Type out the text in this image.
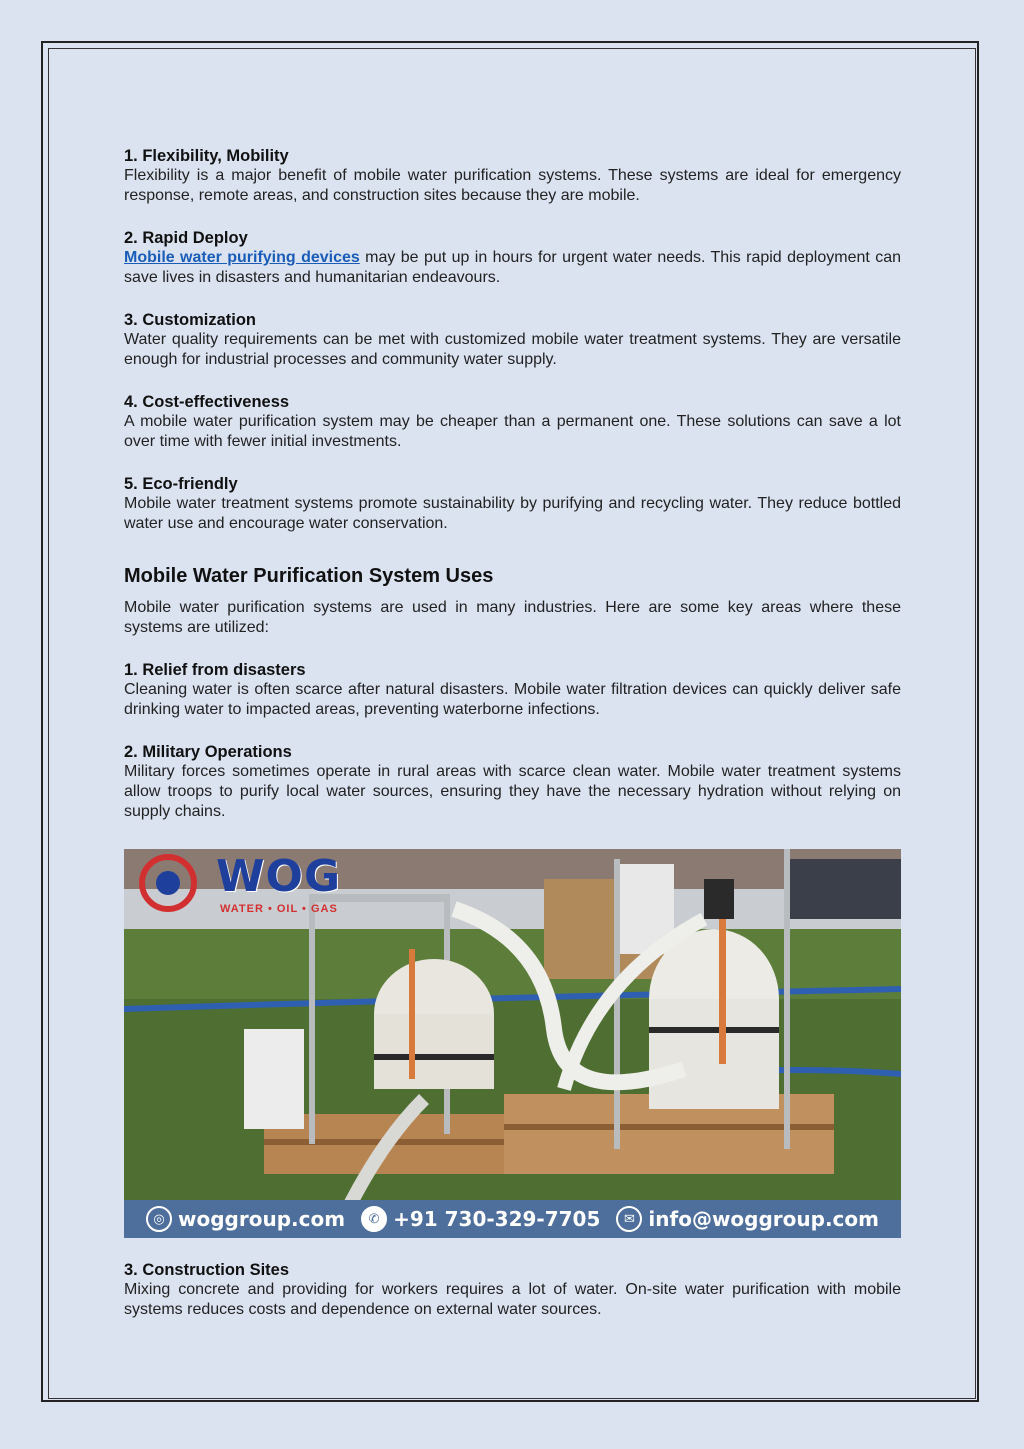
1. Flexibility, Mobility

Flexibility is a major benefit of mobile water purification systems. These systems are ideal for emergency response, remote areas, and construction sites because they are mobile.

2. Rapid Deploy

Mobile water purifying devices may be put up in hours for urgent water needs. This rapid deployment can save lives in disasters and humanitarian endeavours.

3. Customization

Water quality requirements can be met with customized mobile water treatment systems. They are versatile enough for industrial processes and community water supply.

4. Cost-effectiveness

A mobile water purification system may be cheaper than a permanent one. These solutions can save a lot over time with fewer initial investments.

5. Eco-friendly

Mobile water treatment systems promote sustainability by purifying and recycling water. They reduce bottled water use and encourage water conservation.

Mobile Water Purification System Uses

Mobile water purification systems are used in many industries. Here are some key areas where these systems are utilized:

1. Relief from disasters

Cleaning water is often scarce after natural disasters. Mobile water filtration devices can quickly deliver safe drinking water to impacted areas, preventing waterborne infections.

2. Military Operations

Military forces sometimes operate in rural areas with scarce clean water. Mobile water treatment systems allow troops to purify local water sources, ensuring they have the necessary hydration without relying on supply chains.

WOG
WATER • OIL • GAS
◎ woggroup.com	✆ +91 730-329-7705	✉ info@woggroup.com
3. Construction Sites

Mixing concrete and providing for workers requires a lot of water. On-site water purification with mobile systems reduces costs and dependence on external water sources.
